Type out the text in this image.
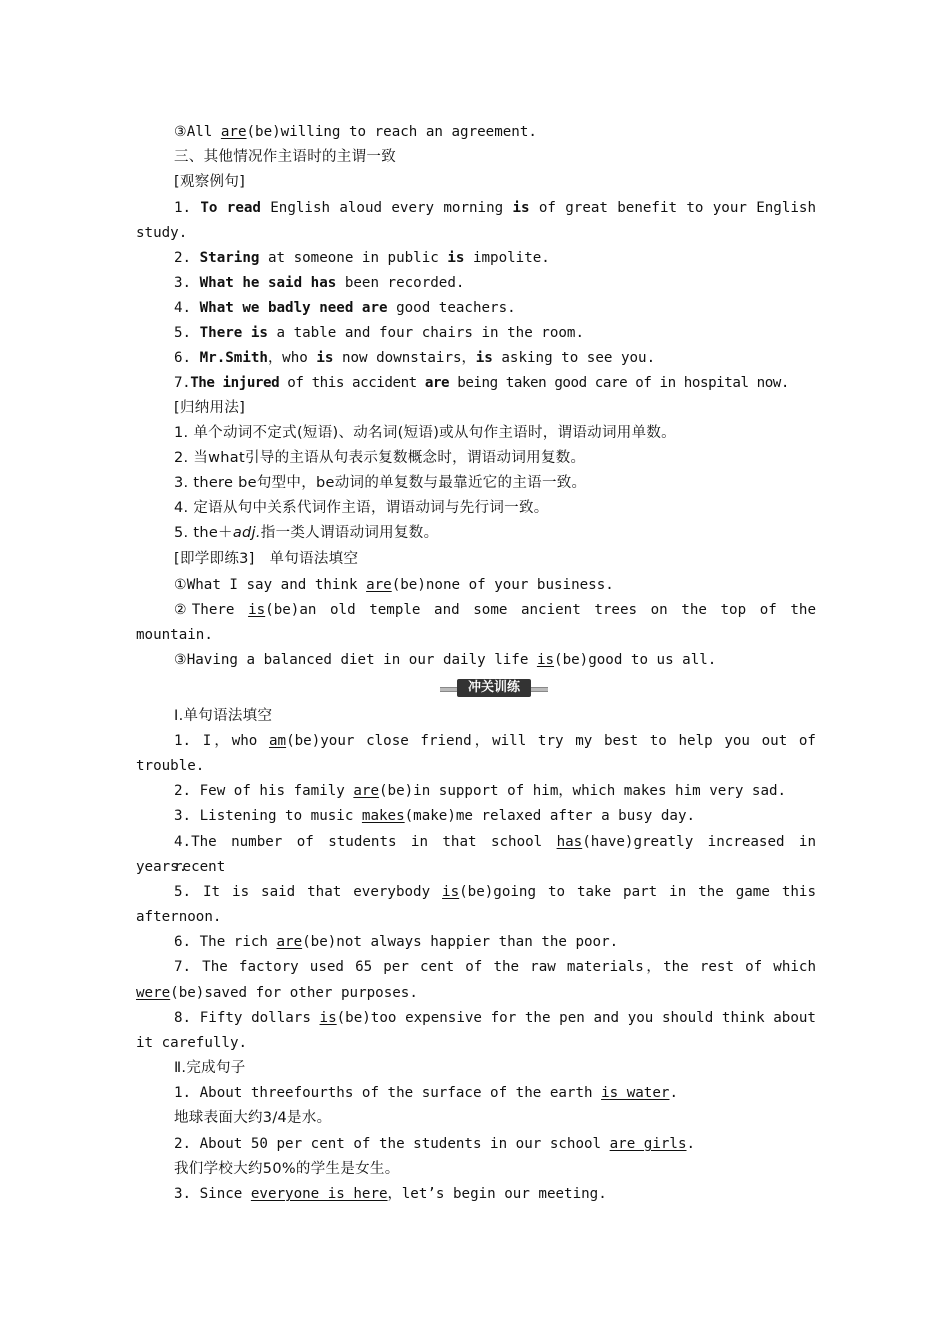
③All are(be)willing to reach an agreement.
三、其他情况作主语时的主谓一致
[观察例句]
1. To read English aloud every morning is of great benefit to your English
study.
2. Staring at someone in public is impolite.
3. What he said has been recorded.
4. What we badly need are good teachers.
5. There is a table and four chairs in the room.
6. Mr.Smith，who is now downstairs，is asking to see you.
7.The injured of this accident are being taken good care of in hospital now.
[归纳用法]
1. 单个动词不定式(短语)、动名词(短语)或从句作主语时，谓语动词用单数。
2. 当what引导的主语从句表示复数概念时，谓语动词用复数。
3. there be句型中，be动词的单复数与最靠近它的主语一致。
4. 定语从句中关系代词作主语，谓语动词与先行词一致。
5. the＋adj.指一类人谓语动词用复数。
[即学即练3]　单句语法填空
①What I say and think are(be)none of your business.
②There is(be)an old temple and some ancient trees on the top of the
mountain.
③Having a balanced diet in our daily life is(be)good to us all.
冲关训练
Ⅰ.单句语法填空
1. I，who am(be)your close friend，will try my best to help you out of
trouble.
2. Few of his family are(be)in support of him，which makes him very sad.
3. Listening to music makes(make)me relaxed after a busy day.
4.The number of students in that school has(have)greatly increased in recent
years.
5. It is said that everybody is(be)going to take part in the game this
afternoon.
6. The rich are(be)not always happier than the poor.
7. The factory used 65 per cent of the raw materials，the rest of which
were(be)saved for other purposes.
8. Fifty dollars is(be)too expensive for the pen and you should think about
it carefully.
Ⅱ.完成句子
1. About threefourths of the surface of the earth is water.
地球表面大约3/4是水。
2. About 50 per cent of the students in our school are girls.
我们学校大约50%的学生是女生。
3. Since everyone is here，let’s begin our meeting.
